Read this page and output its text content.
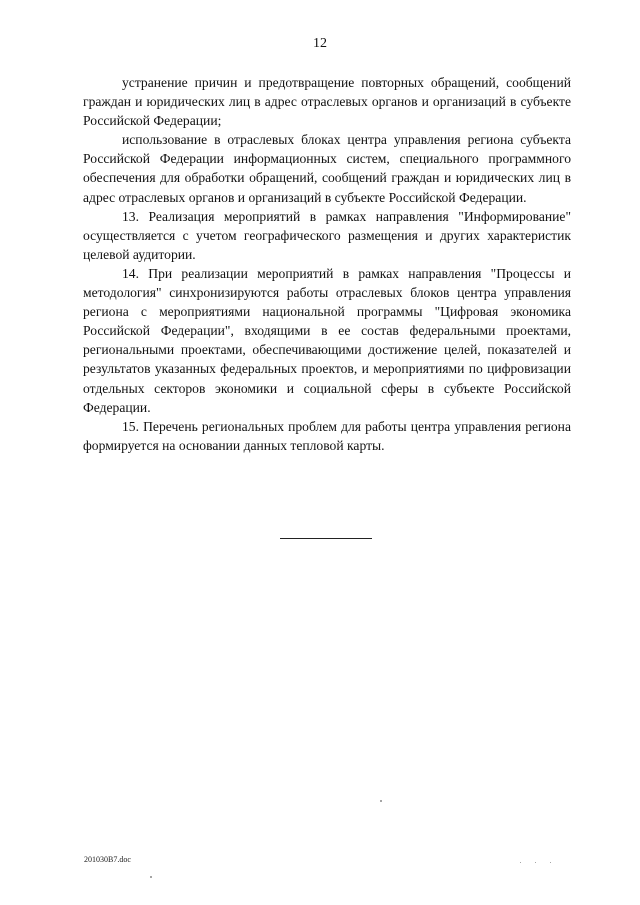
12

устранение причин и предотвращение повторных обращений, сообщений граждан и юридических лиц в адрес отраслевых органов и организаций в субъекте Российской Федерации;

использование в отраслевых блоках центра управления региона субъекта Российской Федерации информационных систем, специального программного обеспечения для обработки обращений, сообщений граждан и юридических лиц в адрес отраслевых органов и организаций в субъекте Российской Федерации.

13. Реализация мероприятий в рамках направления "Информирование" осуществляется с учетом географического размещения и других характеристик целевой аудитории.

14. При реализации мероприятий в рамках направления "Процессы и методология" синхронизируются работы отраслевых блоков центра управления региона с мероприятиями национальной программы "Цифровая экономика Российской Федерации", входящими в ее состав федеральными проектами, региональными проектами, обеспечивающими достижение целей, показателей и результатов указанных федеральных проектов, и мероприятиями по цифровизации отдельных секторов экономики и социальной сферы в субъекте Российской Федерации.

15. Перечень региональных проблем для работы центра управления региона формируется на основании данных тепловой карты.

201030В7.doc
